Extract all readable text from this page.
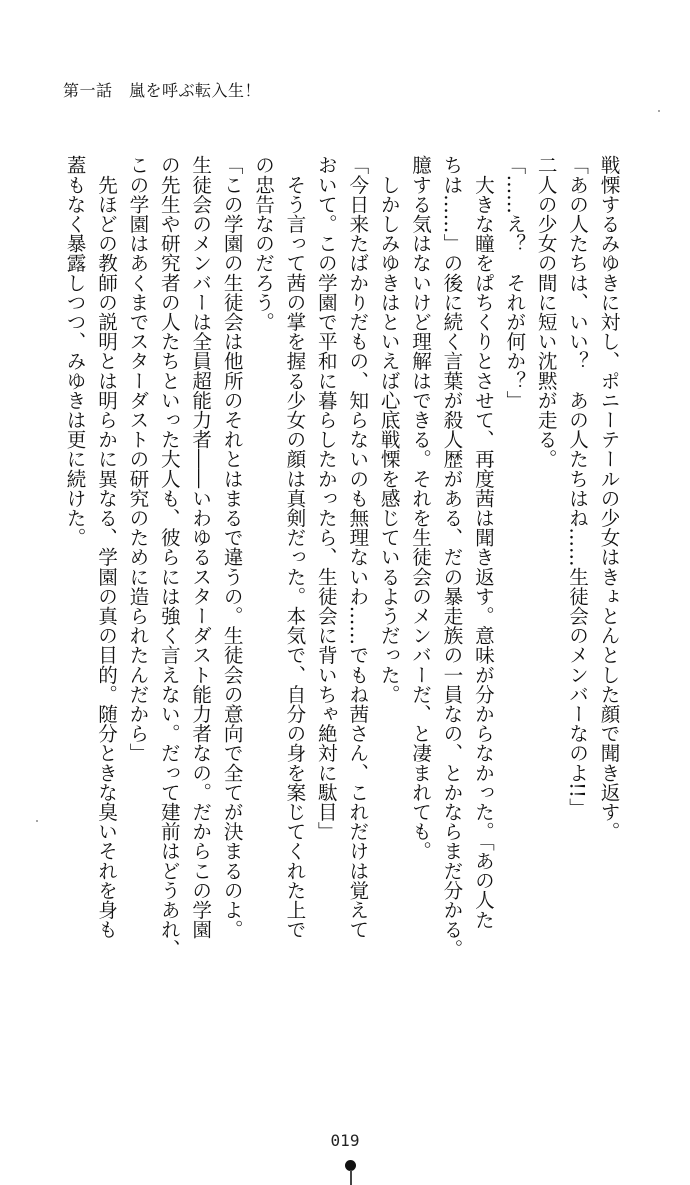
第一話　嵐を呼ぶ転入生！
戦慄するみゆきに対し、ポニーテールの少女はきょとんとした顔で聞き返す。
「あの人たちは、いい？　あの人たちはね……生徒会のメンバーなのよ!!」
二人の少女の間に短い沈黙が走る。
「……え？　それが何か？」
　大きな瞳をぱちくりとさせて、再度茜は聞き返す。意味が分からなかった。「あの人た
ちは……」の後に続く言葉が殺人歴がある、だの暴走族の一員なの、とかならまだ分かる。
臆する気はないけど理解はできる。それを生徒会のメンバーだ、と凄まれても。
　しかしみゆきはといえば心底戦慄を感じているようだった。
「今日来たばかりだもの、知らないのも無理ないわ……でもね茜さん、これだけは覚えて
おいて。この学園で平和に暮らしたかったら、生徒会に背いちゃ絶対に駄目」
　そう言って茜の掌を握る少女の顔は真剣だった。本気で、自分の身を案じてくれた上で
の忠告なのだろう。
「この学園の生徒会は他所のそれとはまるで違うの。生徒会の意向で全てが決まるのよ。
生徒会のメンバーは全員超能力者――いわゆるスターダスト能力者なの。だからこの学園
の先生や研究者の人たちといった大人も、彼らには強く言えない。だって建前はどうあれ、
この学園はあくまでスターダストの研究のために造られたんだから」
　先ほどの教師の説明とは明らかに異なる、学園の真の目的。随分ときな臭いそれを身も
蓋もなく暴露しつつ、みゆきは更に続けた。
019
